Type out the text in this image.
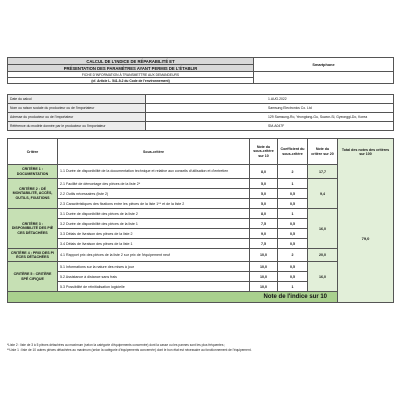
CALCUL DE L'INDICE DE RÉPARABILITÉ ET	Smartphone
PRÉSENTATION DES PARAMÈTRES AYANT PERMIS DE L'ÉTABLIR	
FICHE D'INFORMATION À TRANSMETTRE AUX DEMANDEURS	
(cf. Article L. 541-9-2 du Code de l'environnement)	
Date du calcul	1.AUG.2022
Nom ou raison sociale du producteur ou de l'importateur	Samsung Electronics Co. Ltd
Adresse du producteur ou de l'importateur	129 Samsung-Ro, Yeongtong-Gu, Suwon-Si, Gyeonggi-Do, Korea
Référence du modèle donnée par le producteur ou l'importateur	SM-A047F
Critère	Sous-critère	Note du sous-critère sur 10	Coefficient du sous-critère	Note du critère sur 20	Total des notes des critères sur 100
79,0	

CRITÈRE 1 : DOCUMENTATION	1.1 Durée de disponibilité de la documentation technique et relative aux conseils d'utilisation et d'entretien	8,0	2	17,7		
CRITÈRE 2 : DÉ MONTABILITÉ, ACCÈS, OUTILS, FIXATIONS	2.1 Facilité de démontage des pièces de la liste 2*	5,0	1	9,4		
	2.2 Outils nécessaires (liste 2)	5,0	0,5			
	2.3 Caractéristiques des fixations entre les pièces de la liste 1** et de la liste 2	5,0	0,5			
CRITÈRE 3 : DISPONIBILITÉ DES PIÈ CES DÉTACHÉES	3.1 Durée de disponibilité des pièces de la liste 2	8,0	1	16,0		
	3.2 Durée de disponibilité des pièces de la liste 1	7,5	0,5			
	3.3 Délais de livraison des pièces de la liste 2	9,0	0,5			
	3.4 Délais de livraison des pièces de la liste 1	7,5	0,5			
CRITÈRE 4 : PRIX DES PI ÈCES DÉTACHÉES	4.1 Rapport prix des pièces de la liste 2 sur prix de l'équipement neuf	10,0	2	20,0		
CRITÈRE 5 : CRITÈRE SPÉ CIFIQUE	5.1 Informations sur la nature des mises à jour	10,0	0,5	16,0		
	5.2 Assistance à distance sans frais	10,0	0,5			
	5.3 Possibilité de réinitialisation logicielle	10,0	1			
Note de l'indice sur 10	
*Liste 2 : liste de 3 à 5 pièces détachées au maximum (selon la catégorie d'équipements concernée) dont la casse ou les pannes sont les plus fréquentes ;
**Liste 1 : liste de 10 autres pièces détachées au maximum (selon la catégorie d'équipements concernée) dont le bon état est nécessaire au fonctionnement de l'équipement.
